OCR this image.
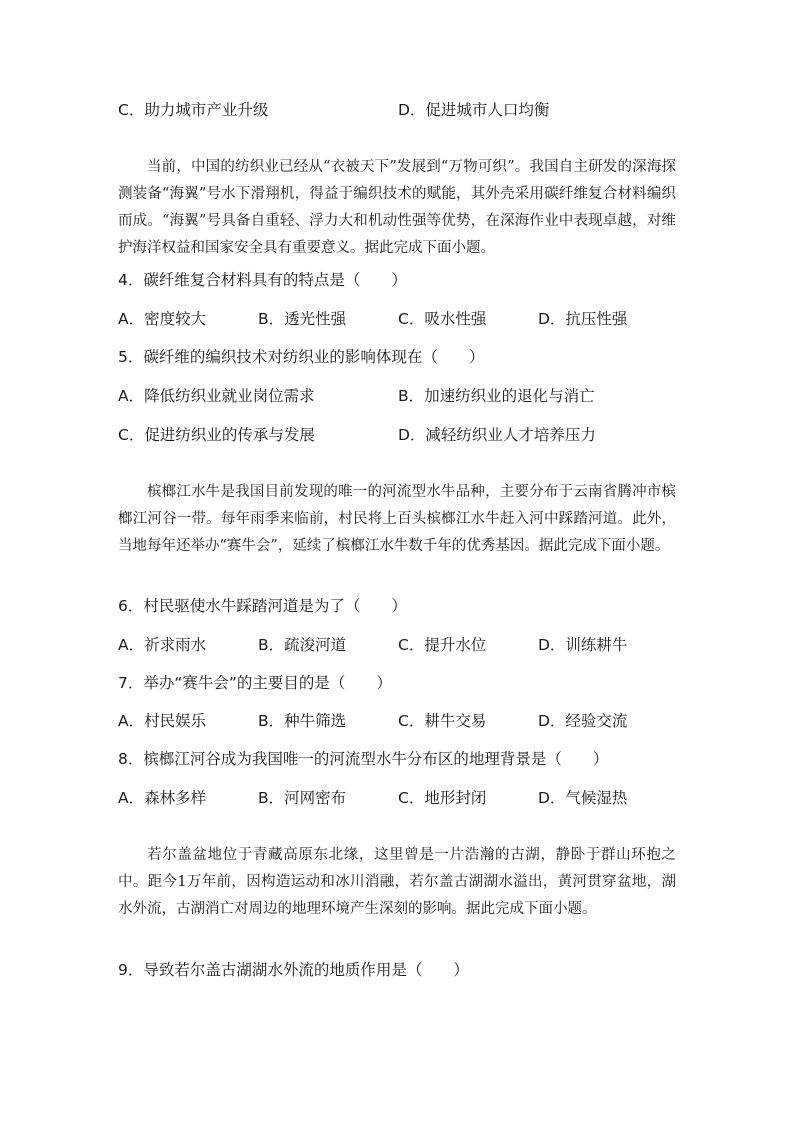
C．助力城市产业升级	D．促进城市人口均衡

当前，中国的纺织业已经从“衣被天下”发展到“万物可织”。我国自主研发的深海探测装备“海翼”号水下滑翔机，得益于编织技术的赋能，其外壳采用碳纤维复合材料编织而成。“海翼”号具备自重轻、浮力大和机动性强等优势，在深海作业中表现卓越，对维护海洋权益和国家安全具有重要意义。据此完成下面小题。

4．碳纤维复合材料具有的特点是（　　）
A．密度较大	B．透光性强	C．吸水性强	D．抗压性强
5．碳纤维的编织技术对纺织业的影响体现在（　　）
A．降低纺织业就业岗位需求	B．加速纺织业的退化与消亡
C．促进纺织业的传承与发展	D．减轻纺织业人才培养压力

槟榔江水牛是我国目前发现的唯一的河流型水牛品种，主要分布于云南省腾冲市槟榔江河谷一带。每年雨季来临前，村民将上百头槟榔江水牛赶入河中踩踏河道。此外，当地每年还举办“赛牛会”，延续了槟榔江水牛数千年的优秀基因。据此完成下面小题。

6．村民驱使水牛踩踏河道是为了（　　）
A．祈求雨水	B．疏浚河道	C．提升水位	D．训练耕牛
7．举办“赛牛会”的主要目的是（　　）
A．村民娱乐	B．种牛筛选	C．耕牛交易	D．经验交流
8．槟榔江河谷成为我国唯一的河流型水牛分布区的地理背景是（　　）
A．森林多样	B．河网密布	C．地形封闭	D．气候湿热

若尔盖盆地位于青藏高原东北缘，这里曾是一片浩瀚的古湖，静卧于群山环抱之中。距今1万年前，因构造运动和冰川消融，若尔盖古湖湖水溢出，黄河贯穿盆地，湖水外流，古湖消亡对周边的地理环境产生深刻的影响。据此完成下面小题。

9．导致若尔盖古湖湖水外流的地质作用是（　　）
